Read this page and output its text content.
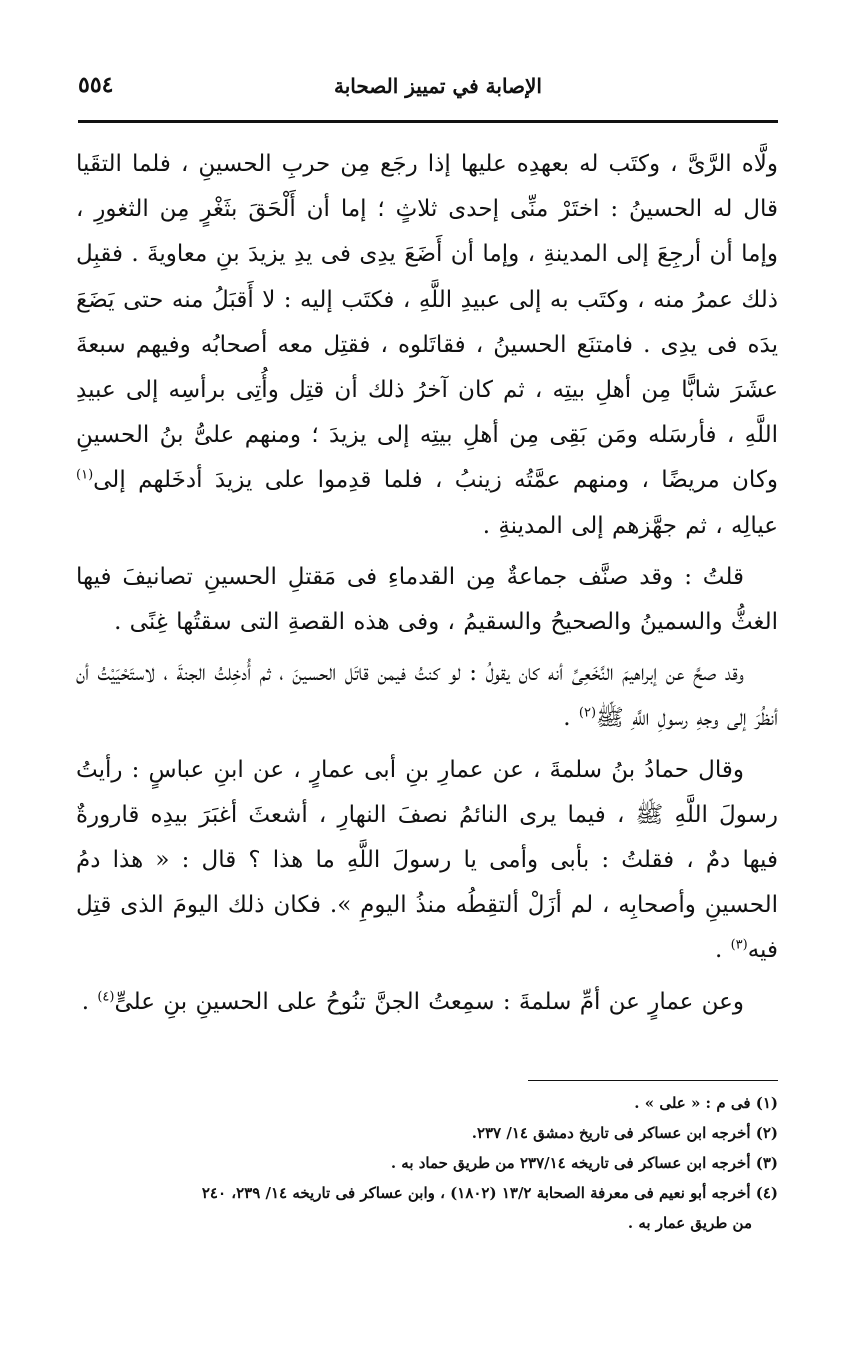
٥٥٤	الإصابة في تمييز الصحابة

ولَّاه الرَّىَّ ، وكتَب له بعهدِه عليها إذا رجَع مِن حربِ الحسينِ ، فلما التقَيا قال له الحسينُ : اختَرْ منِّى إحدى ثلاثٍ ؛ إما أن أَلْحَقَ بثَغْرٍ مِن الثغورِ ، وإما أن أرجِعَ إلى المدينةِ ، وإما أن أَضَعَ يدِى فى يدِ يزيدَ بنِ معاويةَ . فقبِل ذلك عمرُ منه ، وكتَب به إلى عبيدِ اللَّهِ ، فكتَب إليه : لا أَقبَلُ منه حتى يَضَعَ يدَه فى يدِى . فامتنَع الحسينُ ، فقاتَلوه ، فقتِل معه أصحابُه وفيهم سبعةَ عشَرَ شابًّا مِن أهلِ بيتِه ، ثم كان آخرُ ذلك أن قتِل وأُتِى برأسِه إلى عبيدِ اللَّهِ ، فأرسَله ومَن بَقِى مِن أهلِ بيتِه إلى يزيدَ ؛ ومنهم علىُّ بنُ الحسينِ وكان مريضًا ، ومنهم عمَّتُه زينبُ ، فلما قدِموا على يزيدَ أدخَلهم إلى$^{(١)}$ عيالِه ، ثم جهَّزهم إلى المدينةِ .

قلتُ : وقد صنَّف جماعةٌ مِن القدماءِ فى مَقتلِ الحسينِ تصانيفَ فيها الغثُّ والسمينُ والصحيحُ والسقيمُ ، وفى هذه القصةِ التى سقتُها غِنًى .

وقد صحَّ عن إبراهيمَ النَّخَعِىِّ أنه كان يقولُ : لو كنتُ فيمن قاتَل الحسينَ ، ثم أُدخِلتُ الجنةَ ، لاستَحْيَيْتُ أن أنظُرَ إلى وجهِ رسولِ اللَّهِ ﷺ$^{(٢)}$ .

وقال حمادُ بنُ سلمةَ ، عن عمارِ بنِ أبى عمارٍ ، عن ابنِ عباسٍ : رأيتُ رسولَ اللَّهِ ﷺ ، فيما يرى النائمُ نصفَ النهارِ ، أشعثَ أغبَرَ بيدِه قارورةٌ فيها دمٌ ، فقلتُ : بأبى وأمى يا رسولَ اللَّهِ ما هذا ؟ قال : « هذا دمُ الحسينِ وأصحابِه ، لم أزَلْ ألتقِطُه منذُ اليومِ ». فكان ذلك اليومَ الذى قتِل فيه$^{(٣)}$ .

وعن عمارٍ عن أمِّ سلمةَ : سمِعتُ الجنَّ تنُوحُ على الحسينِ بنِ علىٍّ$^{(٤)}$ .

(١) فى م : « على » .

(٢) أخرجه ابن عساكر فى تاريخ دمشق ١٤/ ٢٣٧.

(٣) أخرجه ابن عساكر فى تاريخه ٢٣٧/١٤ من طريق حماد به .

(٤) أخرجه أبو نعيم فى معرفة الصحابة ١٣/٢ (١٨٠٢) ، وابن عساكر فى تاريخه ١٤/ ٢٣٩، ٢٤٠

من طريق عمار به .
